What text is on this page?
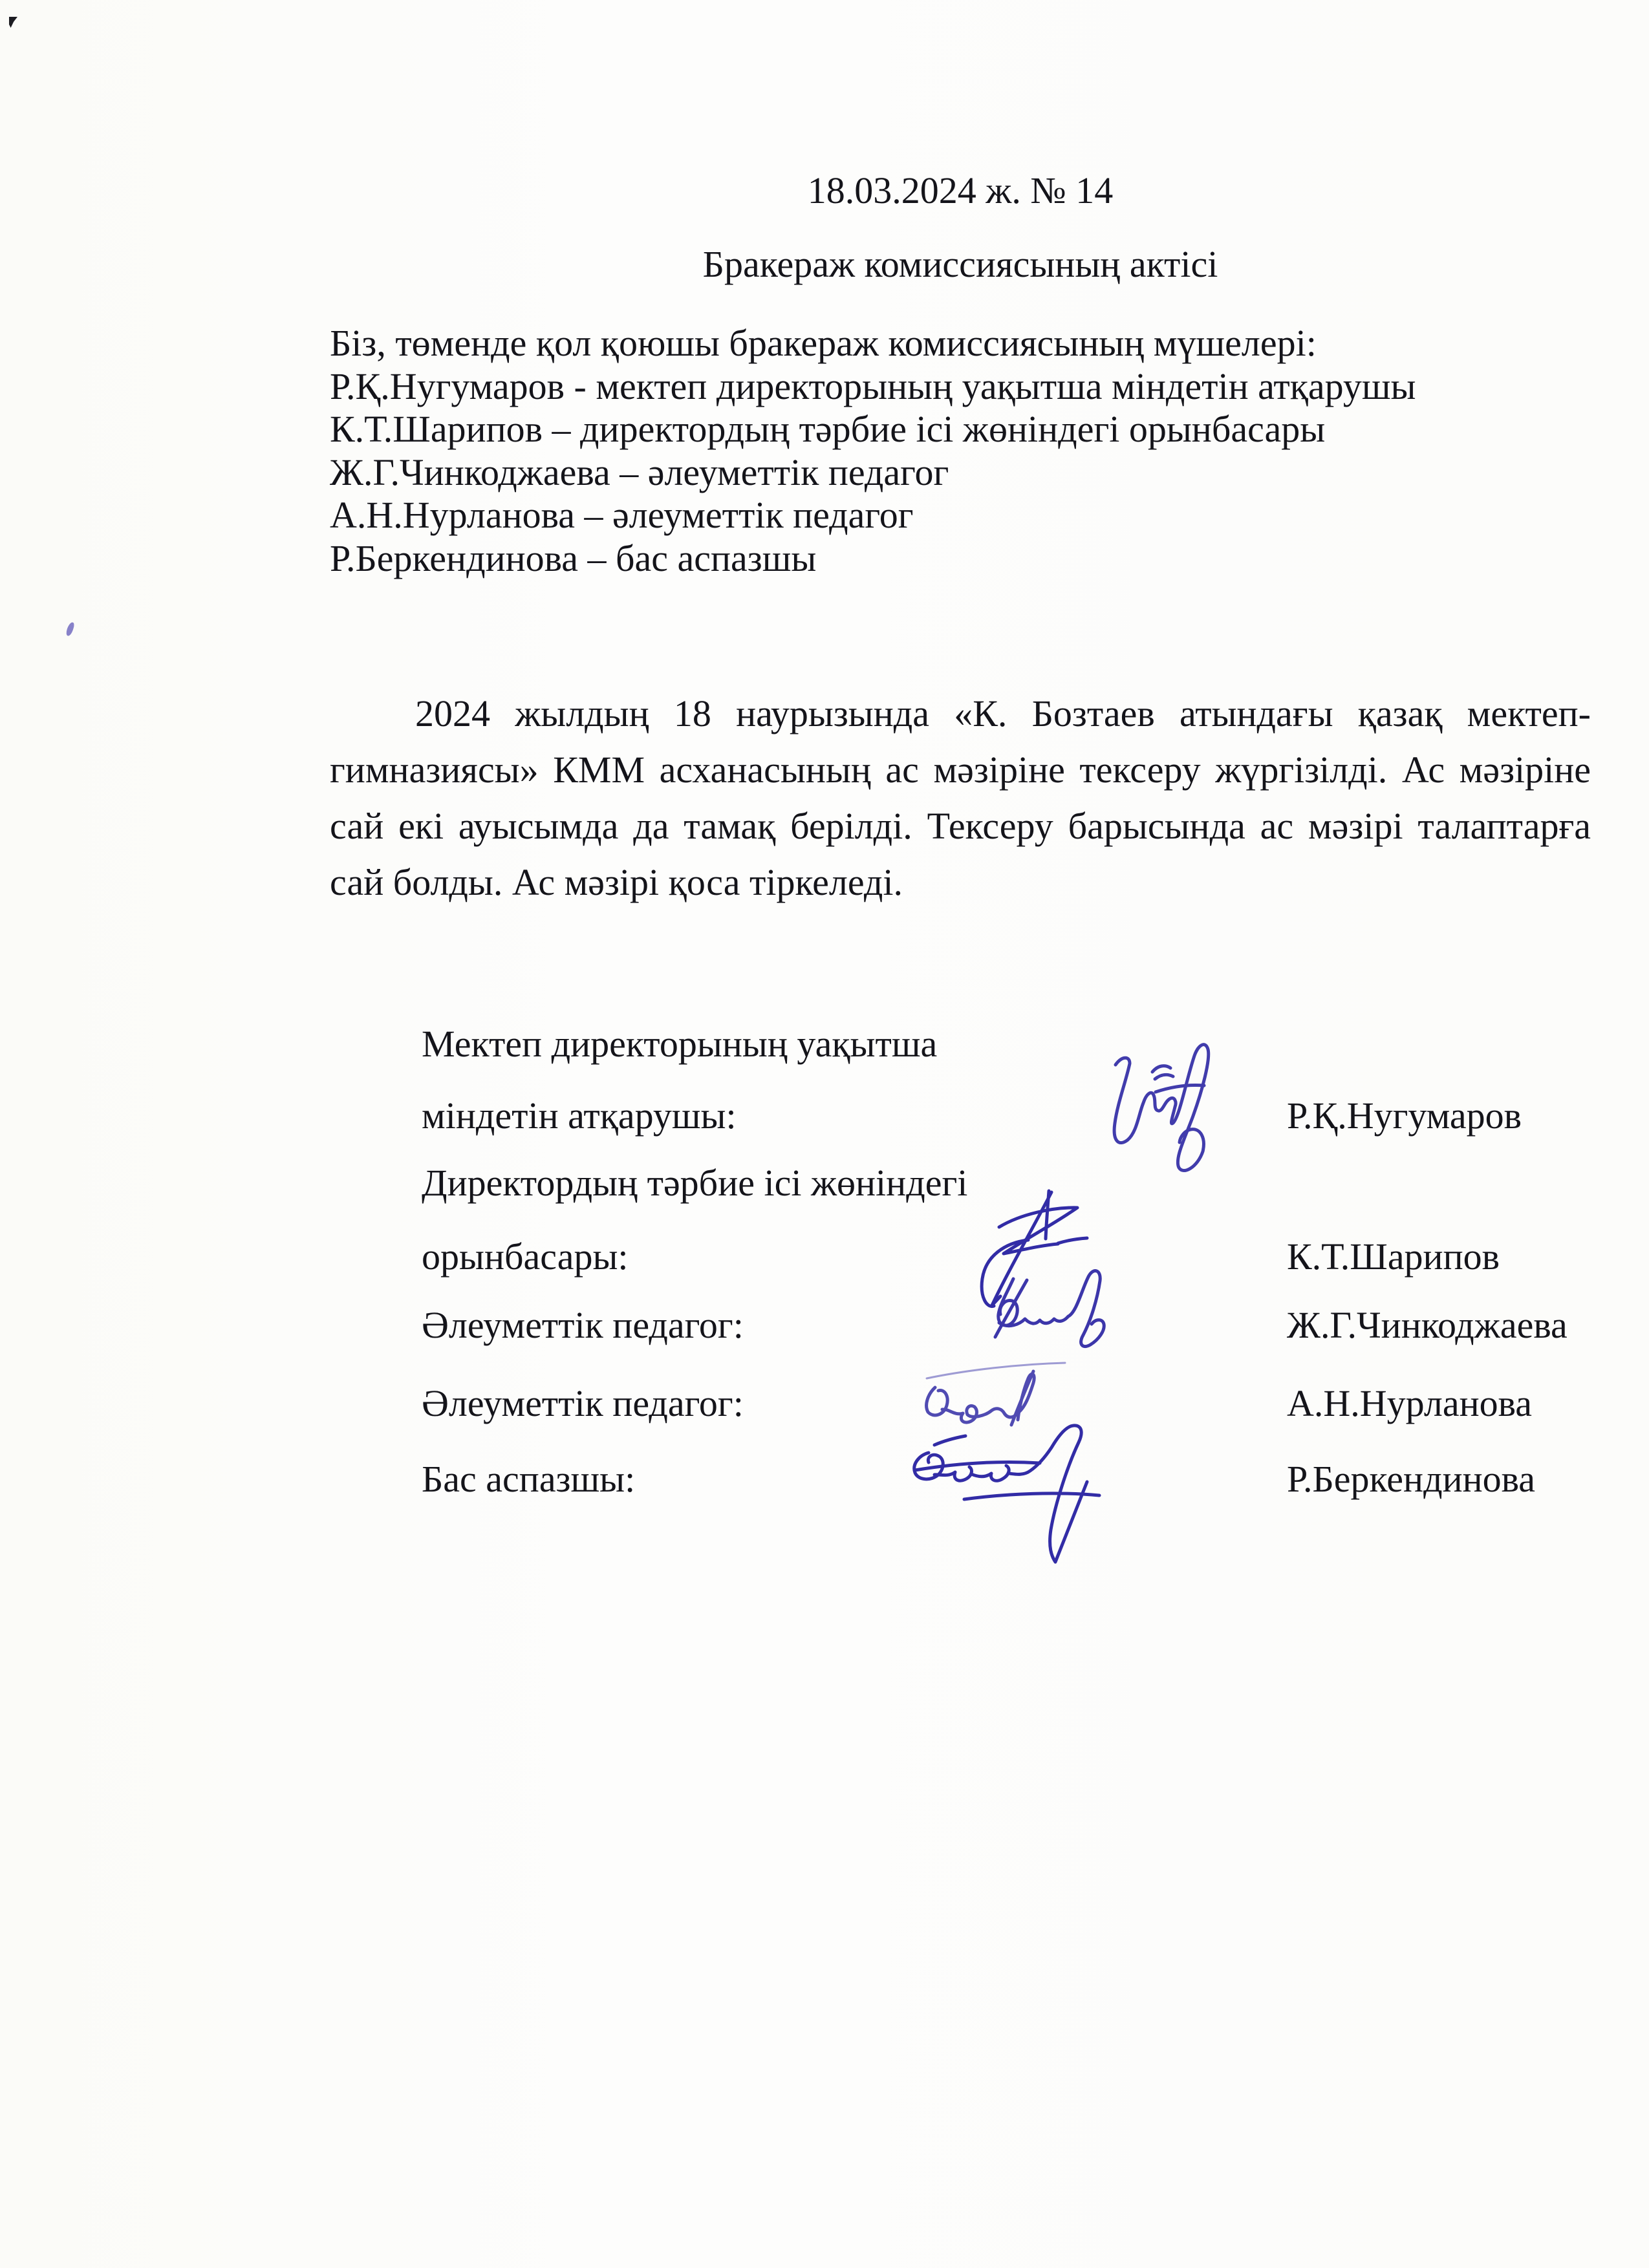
18.03.2024 ж. № 14
Бракераж комиссиясының актісі
Біз, төменде қол қоюшы бракераж комиссиясының мүшелері:
Р.Қ.Нугумаров - мектеп директорының уақытша міндетін атқарушы
К.Т.Шарипов – директордың тәрбие ісі жөніндегі орынбасары
Ж.Г.Чинкоджаева – әлеуметтік педагог
А.Н.Нурланова – әлеуметтік педагог
Р.Беркендинова – бас аспазшы
2024 жылдың 18 наурызында «К. Бозтаев атындағы қазақ мектеп-гимназиясы» КММ асханасының ас мәзіріне тексеру жүргізілді. Ас мәзіріне сай екі ауысымда да тамақ берілді. Тексеру барысында ас мәзірі талаптарға сай болды. Ас мәзірі қоса тіркеледі.
Мектеп директорының уақытша
міндетін атқарушы:
Директордың тәрбие ісі жөніндегі
орынбасары:
Әлеуметтік педагог:
Әлеуметтік педагог:
Бас аспазшы:
Р.Қ.Нугумаров
К.Т.Шарипов
Ж.Г.Чинкоджаева
А.Н.Нурланова
Р.Беркендинова
